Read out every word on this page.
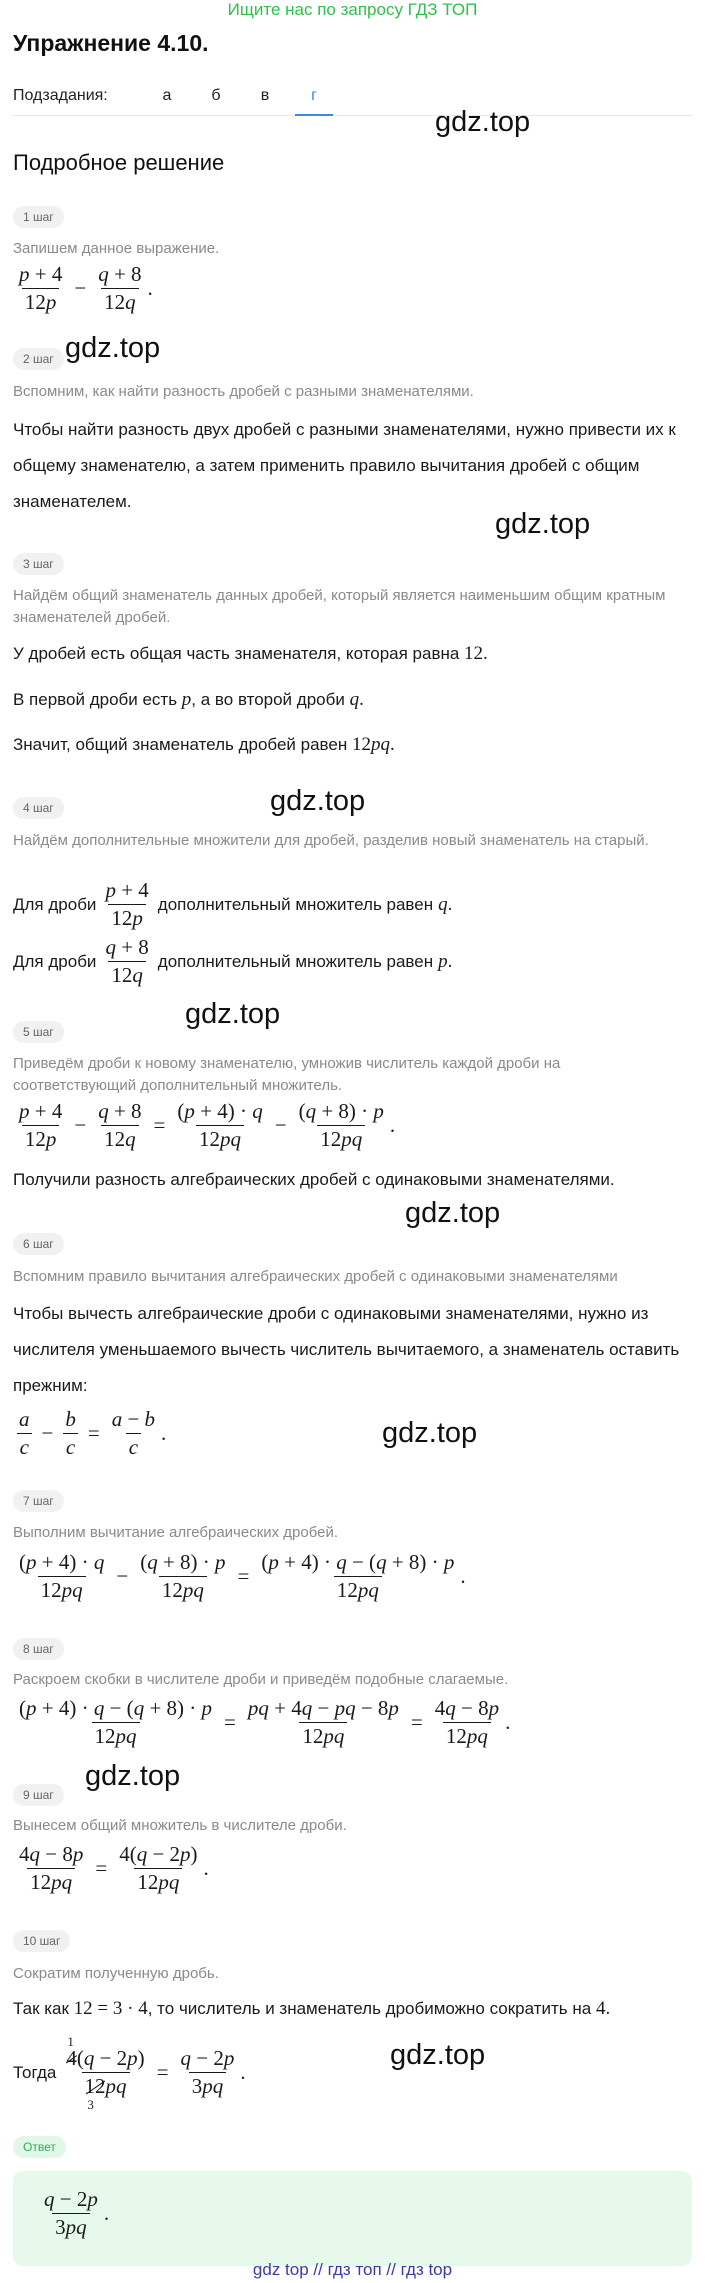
Ищите нас по запросу ГДЗ ТОП
Упражнение 4.10.
Подзадания:	а	б	в	г
Подробное решение
gdz.top
gdz.top
gdz.top
gdz.top
gdz.top
gdz.top
gdz.top
gdz.top
gdz.top
1 шаг
Запишем данное выражение.
$\frac{p + 4}{12p} - \frac{q + 8}{12q}$ .
2 шаг
Вспомним, как найти разность дробей с разными знаменателями.
Чтобы найти разность двух дробей с разными знаменателями, нужно привести их к общему знаменателю, а затем применить правило вычитания дробей с общим знаменателем.
3 шаг
Найдём общий знаменатель данных дробей, который является наименьшим общим кратным знаменателей дробей.
У дробей есть общая часть знаменателя, которая равна 12.
В первой дроби есть p, а во второй дроби q.
Значит, общий знаменатель дробей равен 12pq.
4 шаг
Найдём дополнительные множители для дробей, разделив новый знаменатель на старый.
Для дроби $\frac{p + 4}{12p}$ дополнительный множитель равен q.
Для дроби $\frac{q + 8}{12q}$ дополнительный множитель равен p.
5 шаг
Приведём дроби к новому знаменателю, умножив числитель каждой дроби на соответствующий дополнительный множитель.
$\frac{p + 4}{12p} - \frac{q + 8}{12q} = \frac{(p + 4) \cdot q}{12pq} - \frac{(q + 8) \cdot p}{12pq}$ .
Получили разность алгебраических дробей с одинаковыми знаменателями.
6 шаг
Вспомним правило вычитания алгебраических дробей с одинаковыми знаменателями
Чтобы вычесть алгебраические дроби с одинаковыми знаменателями, нужно из числителя уменьшаемого вычесть числитель вычитаемого, а знаменатель оставить прежним:
$\frac{a}{c} - \frac{b}{c} = \frac{a - b}{c}$ .
7 шаг
Выполним вычитание алгебраических дробей.
$\frac{(p + 4) \cdot q}{12pq} - \frac{(q + 8) \cdot p}{12pq} = \frac{(p + 4) \cdot q - (q + 8) \cdot p}{12pq}$ .
8 шаг
Раскроем скобки в числителе дроби и приведём подобные слагаемые.
$\frac{(p + 4) \cdot q - (q + 8) \cdot p}{12pq} = \frac{pq + 4q - pq - 8p}{12pq} = \frac{4q - 8p}{12pq}$ .
9 шаг
Вынесем общий множитель в числителе дроби.
$\frac{4q - 8p}{12pq} = \frac{4(q - 2p)}{12pq}$ .
10 шаг
Сократим полученную дробь.
Так как 12 = 3 · 4, то числитель и знаменатель дробиможно сократить на 4.
Тогда
4(q − 2p)
12pq
1
3
= $\frac{q - 2p}{3pq}$ .
Ответ
$\frac{q - 2p}{3pq}$ .
gdz top // гдз топ // гдз top
